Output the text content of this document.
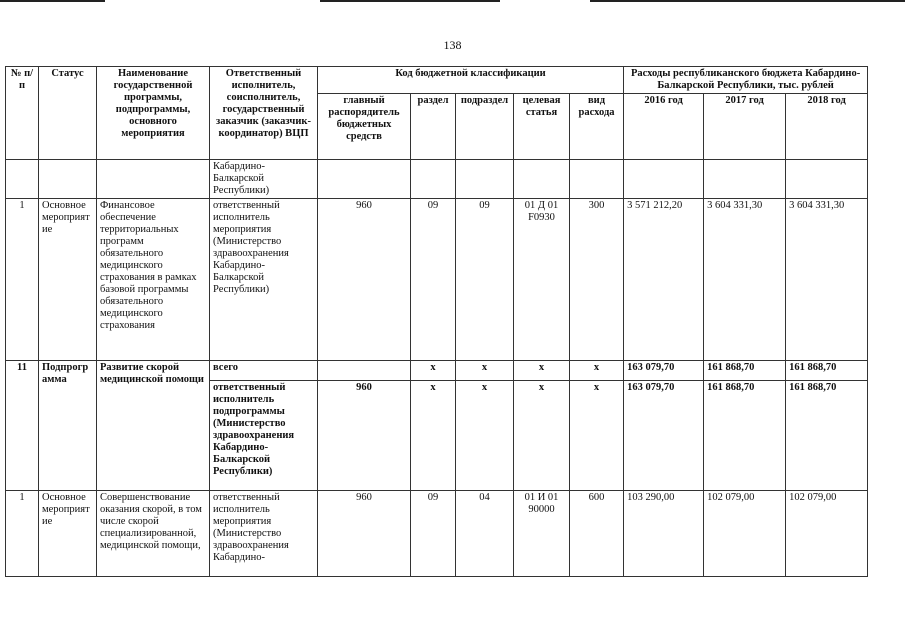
138
№ п/п	Статус	Наименование государственной программы, подпрограммы, основного мероприятия	Ответственный исполнитель, соисполнитель, государственный заказчик (заказчик-координатор) ВЦП	Код бюджетной классификации					Расходы республиканского бюджета Кабардино-Балкарской Республики, тыс. рублей		
				главный распорядитель бюджетных средств	раздел	подраздел	целевая статья	вид расхода	2016 год	2017 год	2018 год
			Кабардино-Балкарской Республики)								
1	Основное мероприятие	Финансовое обеспечение территориальных программ обязательного медицинского страхования в рамках базовой программы обязательного медицинского страхования	ответственный исполнитель мероприятия (Министерство здравоохранения Кабардино-Балкарской Республики)	960	09	09	01 Д 01 F0930	300	3 571 212,20	3 604 331,30	3 604 331,30
11	Подпрограмма	Развитие скорой медицинской помощи	всего		x	x	x	x	163 079,70	161 868,70	161 868,70
			ответственный исполнитель подпрограммы (Министерство здравоохранения Кабардино-Балкарской Республики)	960	x	x	x	x	163 079,70	161 868,70	161 868,70
1	Основное мероприятие	Совершенствование оказания скорой, в том числе скорой специализированной, медицинской помощи,	ответственный исполнитель мероприятия (Министерство здравоохранения Кабардино-	960	09	04	01 И 01 90000	600	103 290,00	102 079,00	102 079,00
